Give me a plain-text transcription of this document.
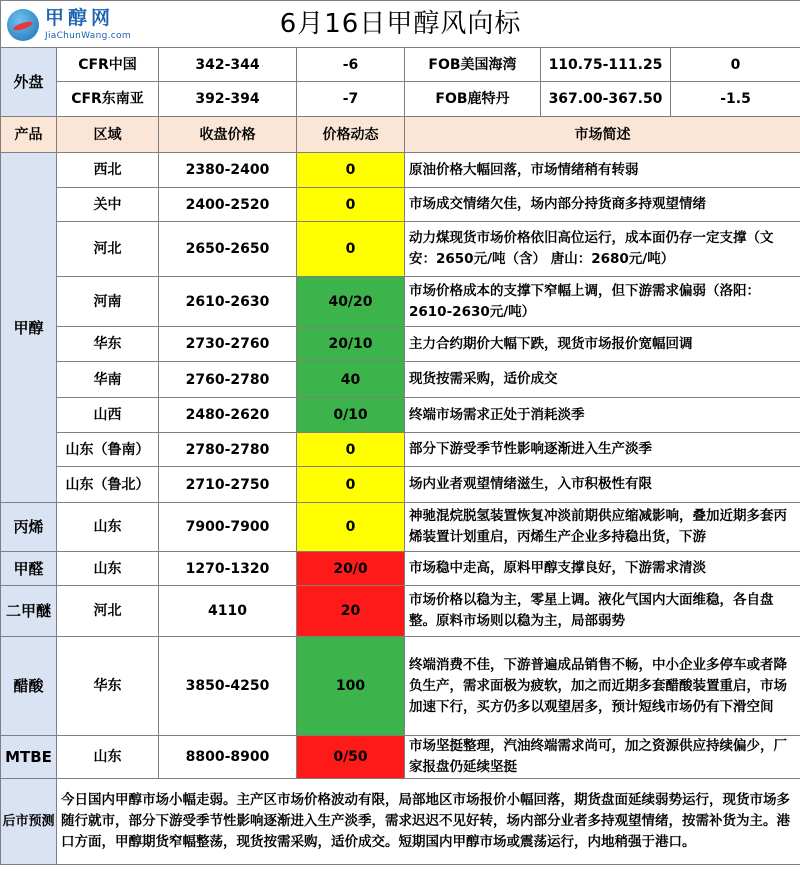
甲醇网
JiaChunWang.com 6月16日甲醇风向标						
外盘	CFR中国	342-344	-6	FOB美国海湾	110.75-111.25	0
	CFR东南亚	392-394	-7	FOB鹿特丹	367.00-367.50	-1.5
产品	区域	收盘价格	价格动态	市场简述		
甲醇	西北	2380-2400	0	原油价格大幅回落，市场情绪稍有转弱		
	关中	2400-2520	0	市场成交情绪欠佳，场内部分持货商多持观望情绪		
	河北	2650-2650	0	动力煤现货市场价格依旧高位运行，成本面仍存一定支撑（文安：2650元/吨（含） 唐山：2680元/吨）		
	河南	2610-2630	40/20	市场价格成本的支撑下窄幅上调，但下游需求偏弱（洛阳：2610-2630元/吨）		
	华东	2730-2760	20/10	主力合约期价大幅下跌，现货市场报价宽幅回调		
	华南	2760-2780	40	现货按需采购，适价成交		
	山西	2480-2620	0/10	终端市场需求正处于消耗淡季		
	山东（鲁南）	2780-2780	0	部分下游受季节性影响逐渐进入生产淡季		
	山东（鲁北）	2710-2750	0	场内业者观望情绪滋生，入市积极性有限		
丙烯	山东	7900-7900	0	神驰混烷脱氢装置恢复冲淡前期供应缩减影响，叠加近期多套丙烯装置计划重启，丙烯生产企业多持稳出货，下游		
甲醛	山东	1270-1320	20/0	市场稳中走高，原料甲醇支撑良好，下游需求清淡		
二甲醚	河北	4110	20	市场价格以稳为主，零星上调。液化气国内大面维稳，各自盘整。原料市场则以稳为主，局部弱势		
醋酸	华东	3850-4250	100	终端消费不佳，下游普遍成品销售不畅，中小企业多停车或者降负生产，需求面极为疲软，加之而近期多套醋酸装置重启，市场加速下行，买方仍多以观望居多，预计短线市场仍有下滑空间		
MTBE	山东	8800-8900	0/50	市场坚挺整理，汽油终端需求尚可，加之资源供应持续偏少，厂家报盘仍延续坚挺		
后市预测	今日国内甲醇市场小幅走弱。主产区市场价格波动有限，局部地区市场报价小幅回落，期货盘面延续弱势运行，现货市场多随行就市，部分下游受季节性影响逐渐进入生产淡季，需求迟迟不见好转，场内部分业者多持观望情绪，按需补货为主。港口方面，甲醇期货窄幅整荡，现货按需采购，适价成交。短期国内甲醇市场或震荡运行，内地稍强于港口。					
